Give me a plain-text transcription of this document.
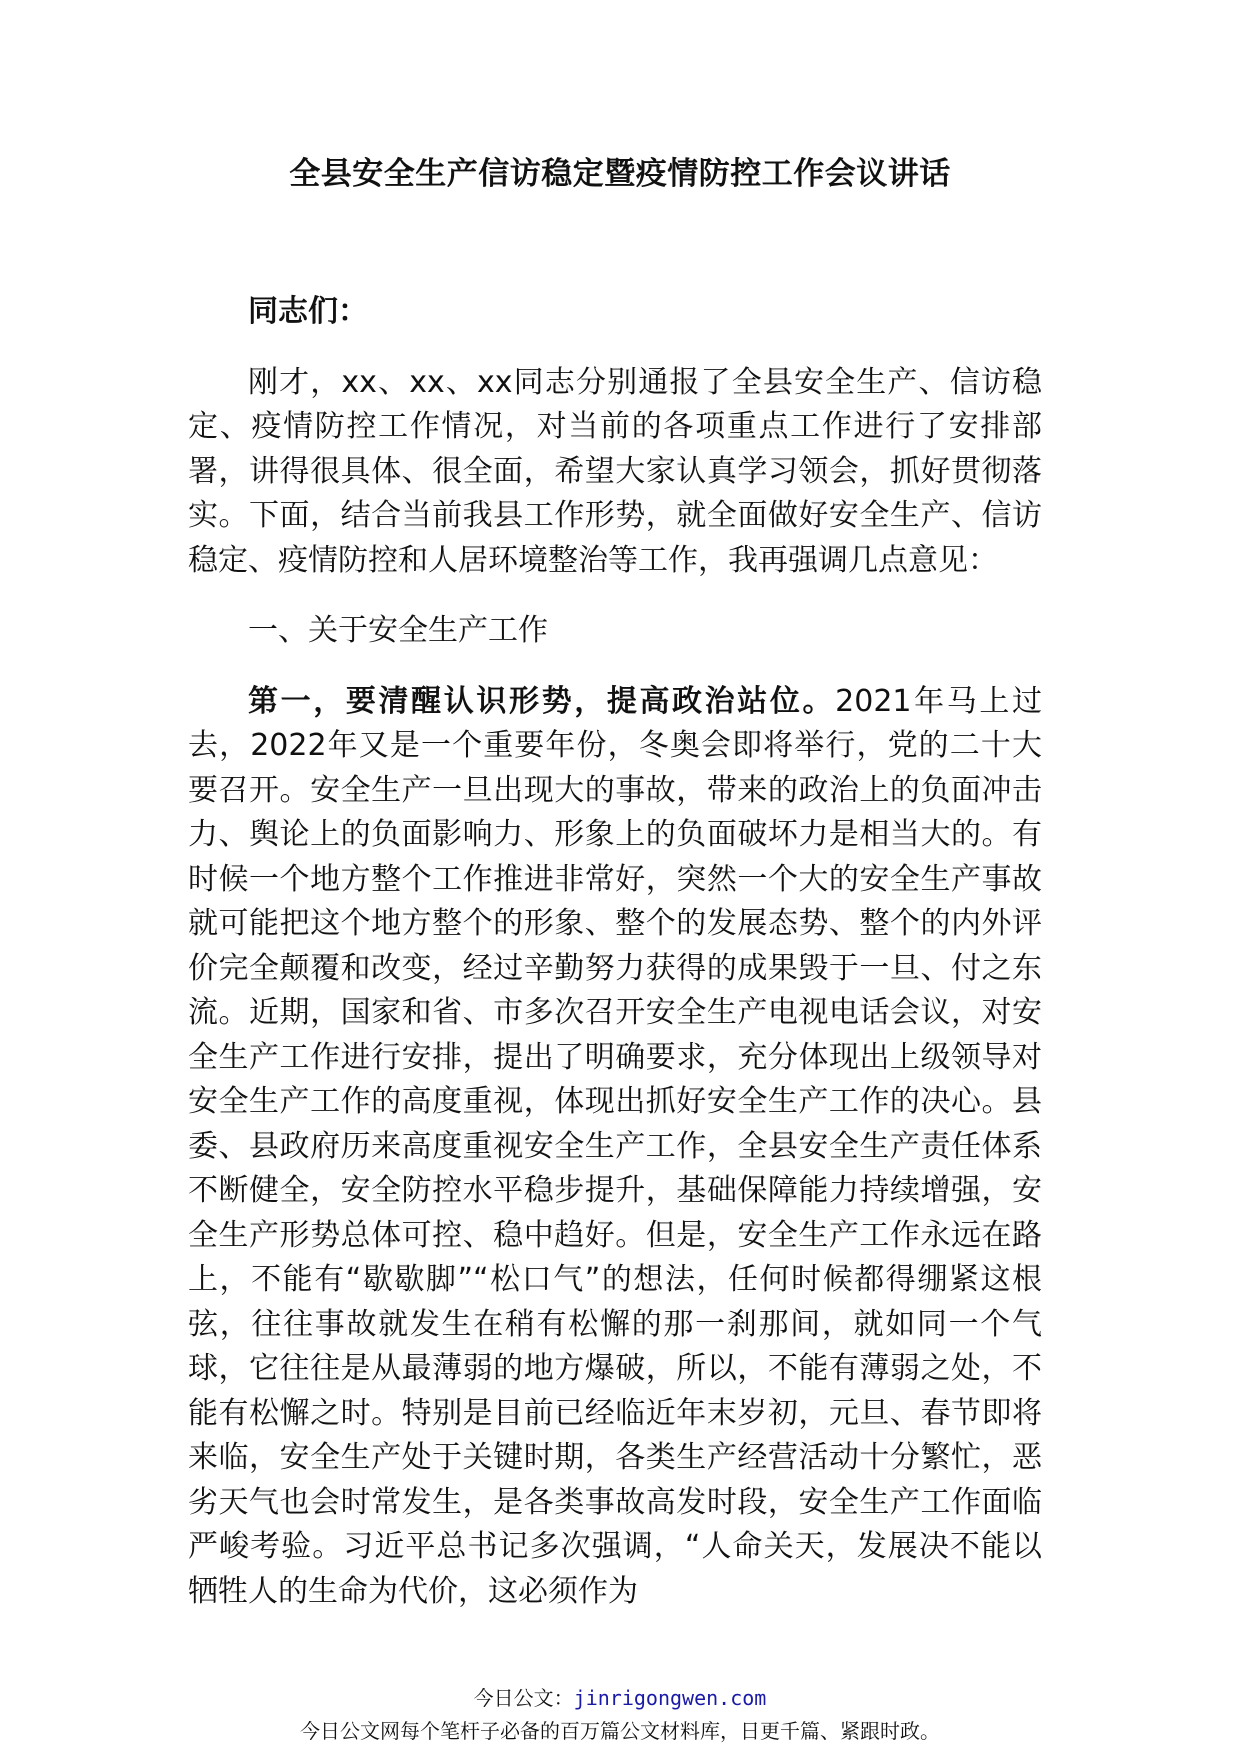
全县安全生产信访稳定暨疫情防控工作会议讲话

同志们：

刚才，xx、xx、xx同志分别通报了全县安全生产、信访稳定、疫情防控工作情况，对当前的各项重点工作进行了安排部署，讲得很具体、很全面，希望大家认真学习领会，抓好贯彻落实。下面，结合当前我县工作形势，就全面做好安全生产、信访稳定、疫情防控和人居环境整治等工作，我再强调几点意见：

一、关于安全生产工作

第一，要清醒认识形势，提高政治站位。2021年马上过去，2022年又是一个重要年份，冬奥会即将举行，党的二十大要召开。安全生产一旦出现大的事故，带来的政治上的负面冲击力、舆论上的负面影响力、形象上的负面破坏力是相当大的。有时候一个地方整个工作推进非常好，突然一个大的安全生产事故就可能把这个地方整个的形象、整个的发展态势、整个的内外评价完全颠覆和改变，经过辛勤努力获得的成果毁于一旦、付之东流。近期，国家和省、市多次召开安全生产电视电话会议，对安全生产工作进行安排，提出了明确要求，充分体现出上级领导对安全生产工作的高度重视，体现出抓好安全生产工作的决心。县委、县政府历来高度重视安全生产工作，全县安全生产责任体系不断健全，安全防控水平稳步提升，基础保障能力持续增强，安全生产形势总体可控、稳中趋好。但是，安全生产工作永远在路上，不能有“歇歇脚”“松口气”的想法，任何时候都得绷紧这根弦，往往事故就发生在稍有松懈的那一刹那间，就如同一个气球，它往往是从最薄弱的地方爆破，所以，不能有薄弱之处，不能有松懈之时。特别是目前已经临近年末岁初，元旦、春节即将来临，安全生产处于关键时期，各类生产经营活动十分繁忙，恶劣天气也会时常发生，是各类事故高发时段，安全生产工作面临严峻考验。习近平总书记多次强调，“人命关天，发展决不能以牺牲人的生命为代价，这必须作为

今日公文：jinrigongwen.com
今日公文网每个笔杆子必备的百万篇公文材料库，日更千篇、紧跟时政。
